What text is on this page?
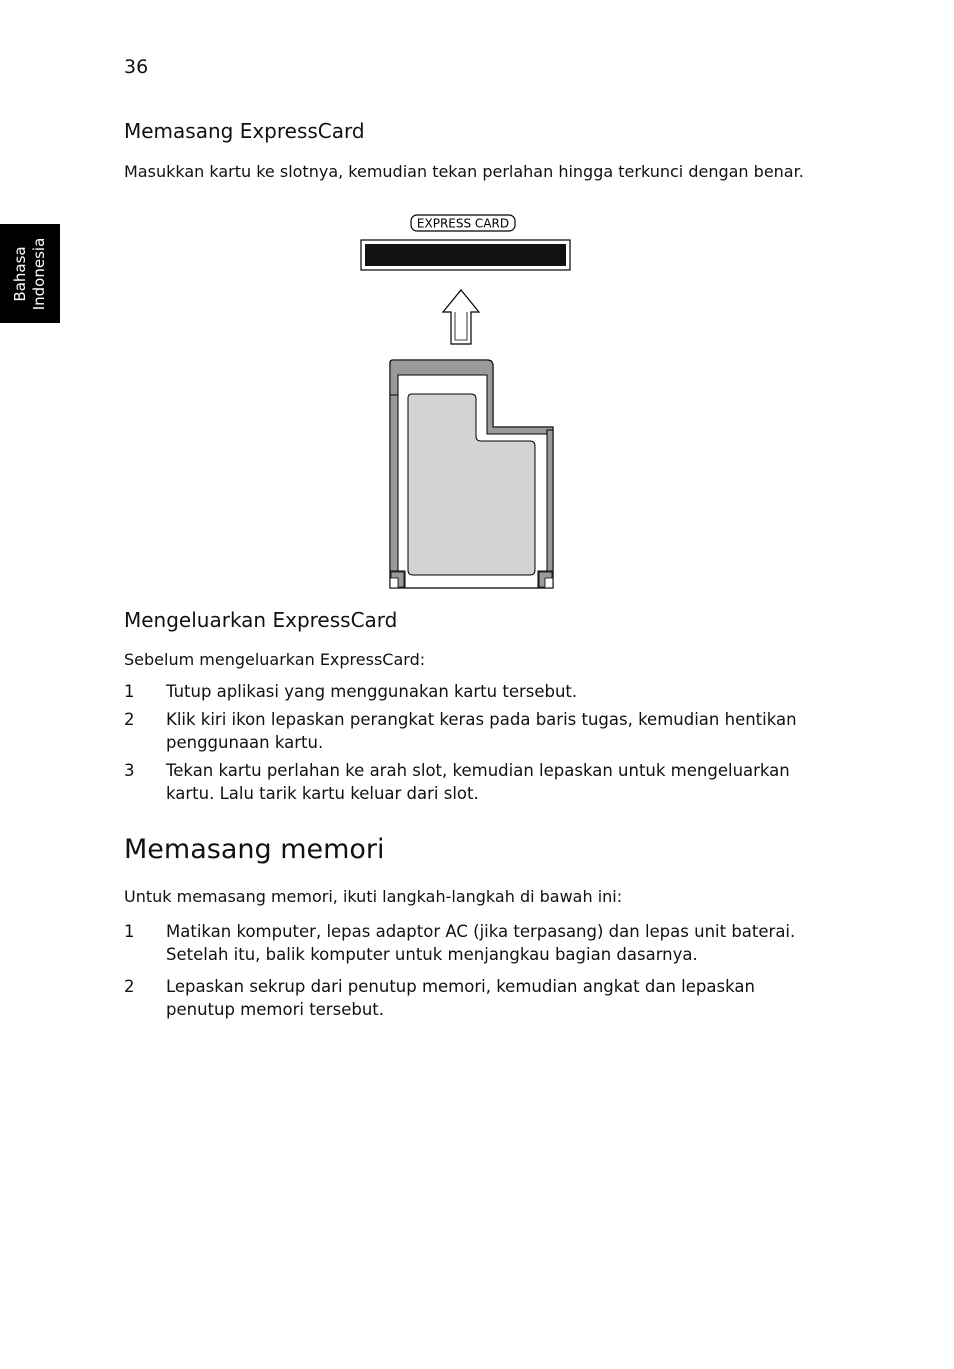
36
Bahasa Indonesia
Memasang ExpressCard
Masukkan kartu ke slotnya, kemudian tekan perlahan hingga terkunci dengan benar.
EXPRESS CARD
Mengeluarkan ExpressCard
Sebelum mengeluarkan ExpressCard:
1 Tutup aplikasi yang menggunakan kartu tersebut.
2 Klik kiri ikon lepaskan perangkat keras pada baris tugas, kemudian hentikan penggunaan kartu.
3 Tekan kartu perlahan ke arah slot, kemudian lepaskan untuk mengeluarkan kartu. Lalu tarik kartu keluar dari slot.
Memasang memori
Untuk memasang memori, ikuti langkah-langkah di bawah ini:
1 Matikan komputer, lepas adaptor AC (jika terpasang) dan lepas unit baterai. Setelah itu, balik komputer untuk menjangkau bagian dasarnya.
2 Lepaskan sekrup dari penutup memori, kemudian angkat dan lepaskan penutup memori tersebut.
